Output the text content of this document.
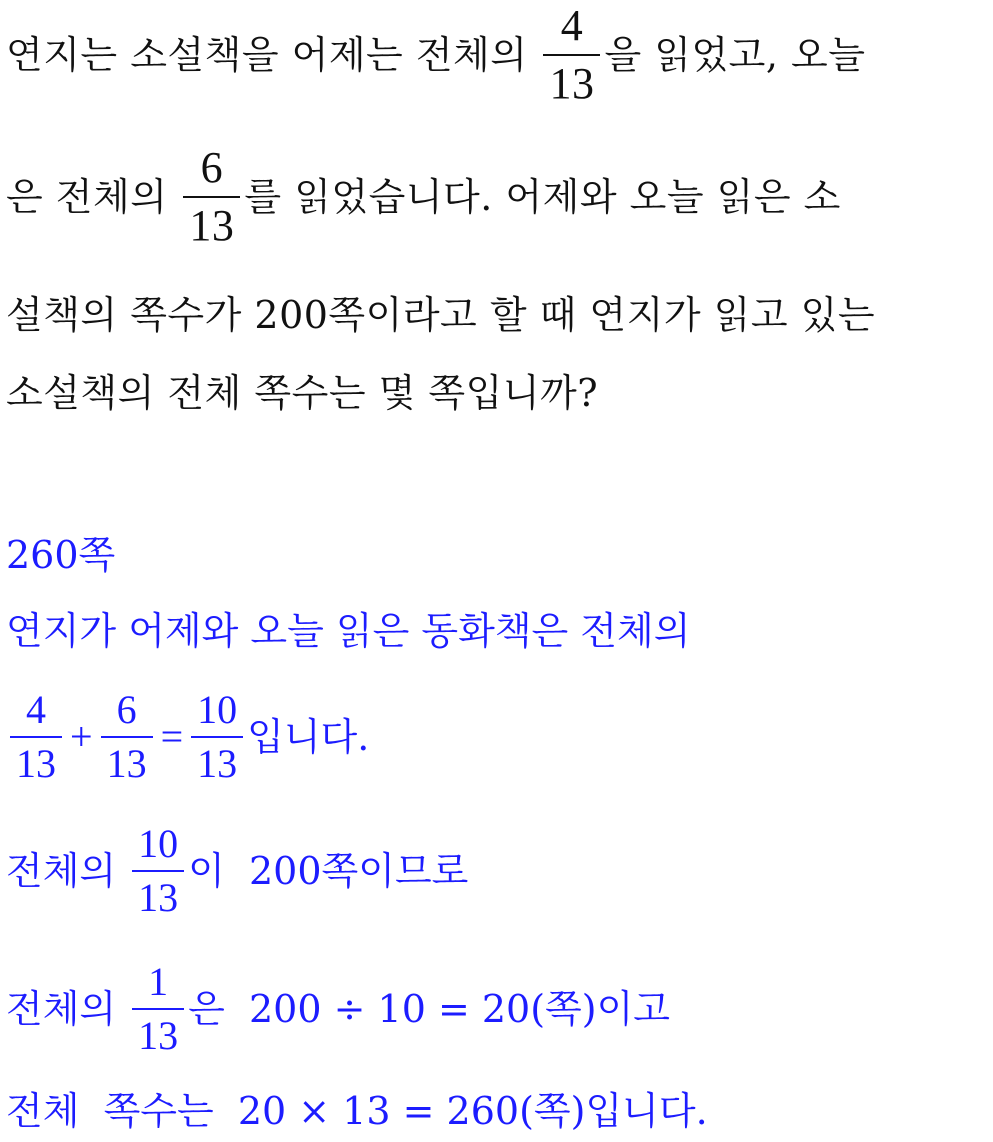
연지는 소설책을 어제는 전체의 $\frac{4}{13}$ 을 읽었고, 오늘
은 전체의 $\frac{6}{13}$ 를 읽었습니다. 어제와 오늘 읽은 소
설책의 쪽수가 200쪽이라고 할 때 연지가 읽고 있는
소설책의 전체 쪽수는 몇 쪽입니까?
260쪽
연지가 어제와 오늘 읽은 동화책은 전체의
$\frac{4}{13} + \frac{6}{13} = \frac{10}{13}$ 입니다.
전체의 $\frac{10}{13}$ 이  200쪽이므로
전체의 $\frac{1}{13}$ 은  200 ÷ 10 = 20(쪽)이고
전체  쪽수는  20 × 13 = 260(쪽)입니다.
